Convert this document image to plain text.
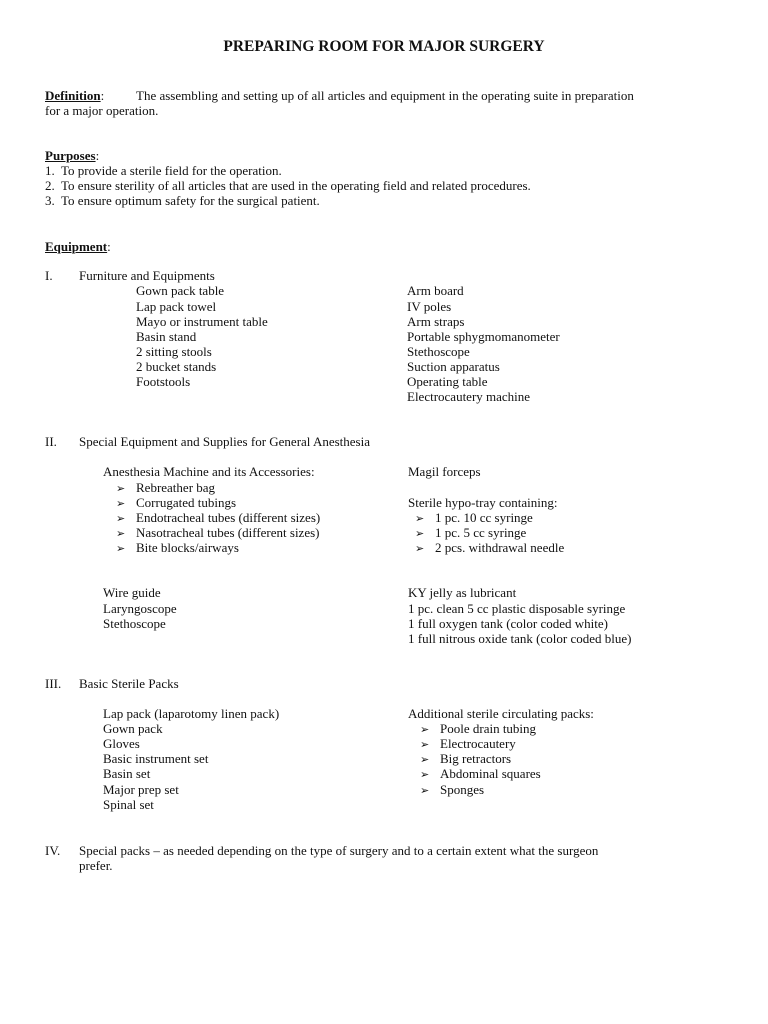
PREPARING ROOM FOR MAJOR SURGERY
Definition: The assembling and setting up of all articles and equipment in the operating suite in preparation
for a major operation.
Purposes:
1.  To provide a sterile field for the operation.
2.  To ensure sterility of all articles that are used in the operating field and related procedures.
3.  To ensure optimum safety for the surgical patient.
Equipment:
I. Furniture and Equipments
Gown pack table
Lap pack towel
Mayo or instrument table
Basin stand
2 sitting stools
2 bucket stands
Footstools
Arm board
IV poles
Arm straps
Portable sphygmomanometer
Stethoscope
Suction apparatus
Operating table
Electrocautery machine
II. Special Equipment and Supplies for General Anesthesia
Anesthesia Machine and its Accessories:
➢ Rebreather bag
➢ Corrugated tubings
➢ Endotracheal tubes (different sizes)
➢ Nasotracheal tubes (different sizes)
➢ Bite blocks/airways
Magil forceps
Sterile hypo-tray containing:
➢ 1 pc. 10 cc syringe
➢ 1 pc. 5 cc syringe
➢ 2 pcs. withdrawal needle
Wire guide
Laryngoscope
Stethoscope
KY jelly as lubricant
1 pc. clean 5 cc plastic disposable syringe
1 full oxygen tank (color coded white)
1 full nitrous oxide tank (color coded blue)
III. Basic Sterile Packs
Lap pack (laparotomy linen pack)
Gown pack
Gloves
Basic instrument set
Basin set
Major prep set
Spinal set
Additional sterile circulating packs:
➢ Poole drain tubing
➢ Electrocautery
➢ Big retractors
➢ Abdominal squares
➢ Sponges
IV. Special packs – as needed depending on the type of surgery and to a certain extent what the surgeon
prefer.
